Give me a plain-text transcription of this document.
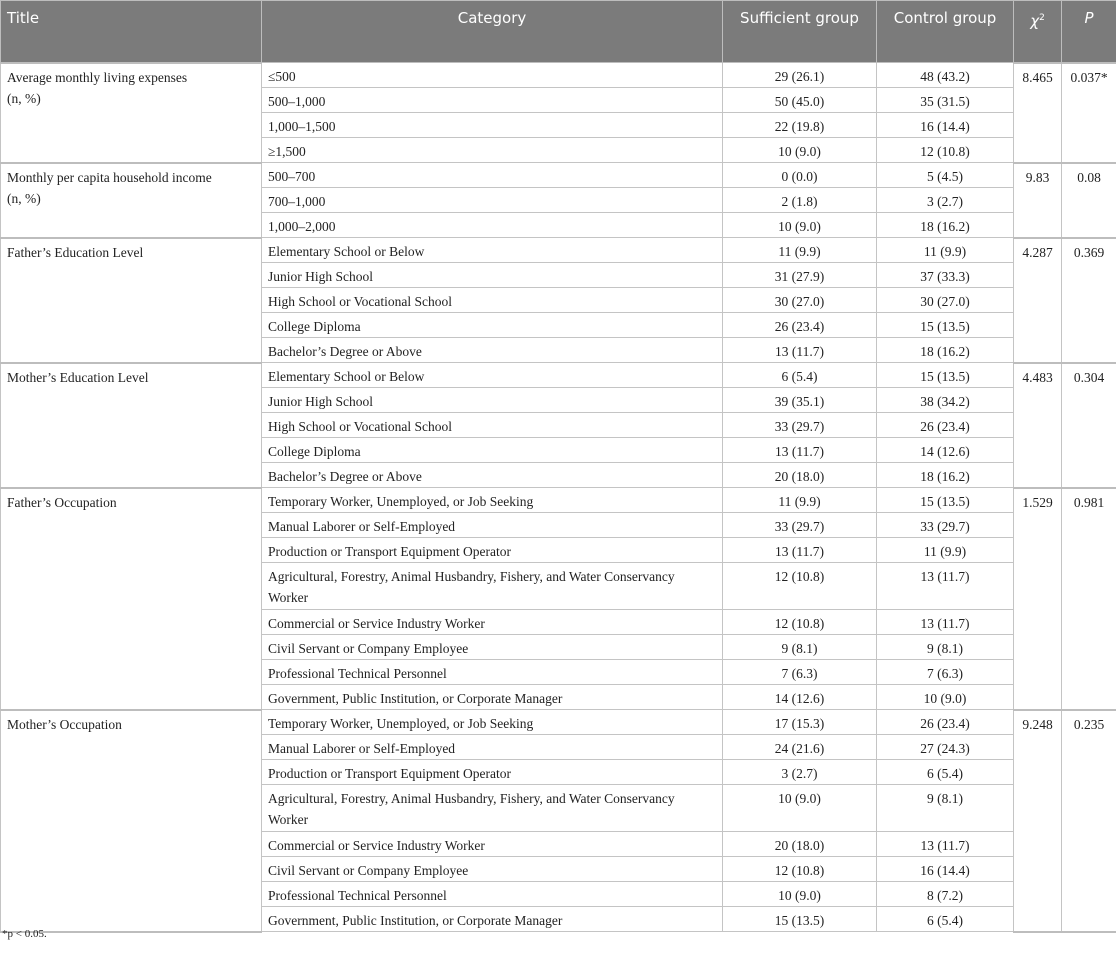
Title	Category	Sufficient group	Control group	$\chi^2$	P
Average monthly living expenses
(n, %)	≤500	29 (26.1)	48 (43.2)	8.465	0.037*
	500–1,000	50 (45.0)	35 (31.5)		
	1,000–1,500	22 (19.8)	16 (14.4)		
	≥1,500	10 (9.0)	12 (10.8)		
Monthly per capita household income
(n, %)	500–700	0 (0.0)	5 (4.5)	9.83	0.08
	700–1,000	2 (1.8)	3 (2.7)		
	1,000–2,000	10 (9.0)	18 (16.2)		
Father’s Education Level	Elementary School or Below	11 (9.9)	11 (9.9)	4.287	0.369
	Junior High School	31 (27.9)	37 (33.3)		
	High School or Vocational School	30 (27.0)	30 (27.0)		
	College Diploma	26 (23.4)	15 (13.5)		
	Bachelor’s Degree or Above	13 (11.7)	18 (16.2)		
Mother’s Education Level	Elementary School or Below	6 (5.4)	15 (13.5)	4.483	0.304
	Junior High School	39 (35.1)	38 (34.2)		
	High School or Vocational School	33 (29.7)	26 (23.4)		
	College Diploma	13 (11.7)	14 (12.6)		
	Bachelor’s Degree or Above	20 (18.0)	18 (16.2)		
Father’s Occupation	Temporary Worker, Unemployed, or Job Seeking	11 (9.9)	15 (13.5)	1.529	0.981
	Manual Laborer or Self-Employed	33 (29.7)	33 (29.7)		
	Production or Transport Equipment Operator	13 (11.7)	11 (9.9)		
	Agricultural, Forestry, Animal Husbandry, Fishery, and Water Conservancy Worker	12 (10.8)	13 (11.7)		
	Commercial or Service Industry Worker	12 (10.8)	13 (11.7)		
	Civil Servant or Company Employee	9 (8.1)	9 (8.1)		
	Professional Technical Personnel	7 (6.3)	7 (6.3)		
	Government, Public Institution, or Corporate Manager	14 (12.6)	10 (9.0)		
Mother’s Occupation	Temporary Worker, Unemployed, or Job Seeking	17 (15.3)	26 (23.4)	9.248	0.235
	Manual Laborer or Self-Employed	24 (21.6)	27 (24.3)		
	Production or Transport Equipment Operator	3 (2.7)	6 (5.4)		
	Agricultural, Forestry, Animal Husbandry, Fishery, and Water Conservancy Worker	10 (9.0)	9 (8.1)		
	Commercial or Service Industry Worker	20 (18.0)	13 (11.7)		
	Civil Servant or Company Employee	12 (10.8)	16 (14.4)		
	Professional Technical Personnel	10 (9.0)	8 (7.2)		
	Government, Public Institution, or Corporate Manager	15 (13.5)	6 (5.4)		
*p < 0.05.
